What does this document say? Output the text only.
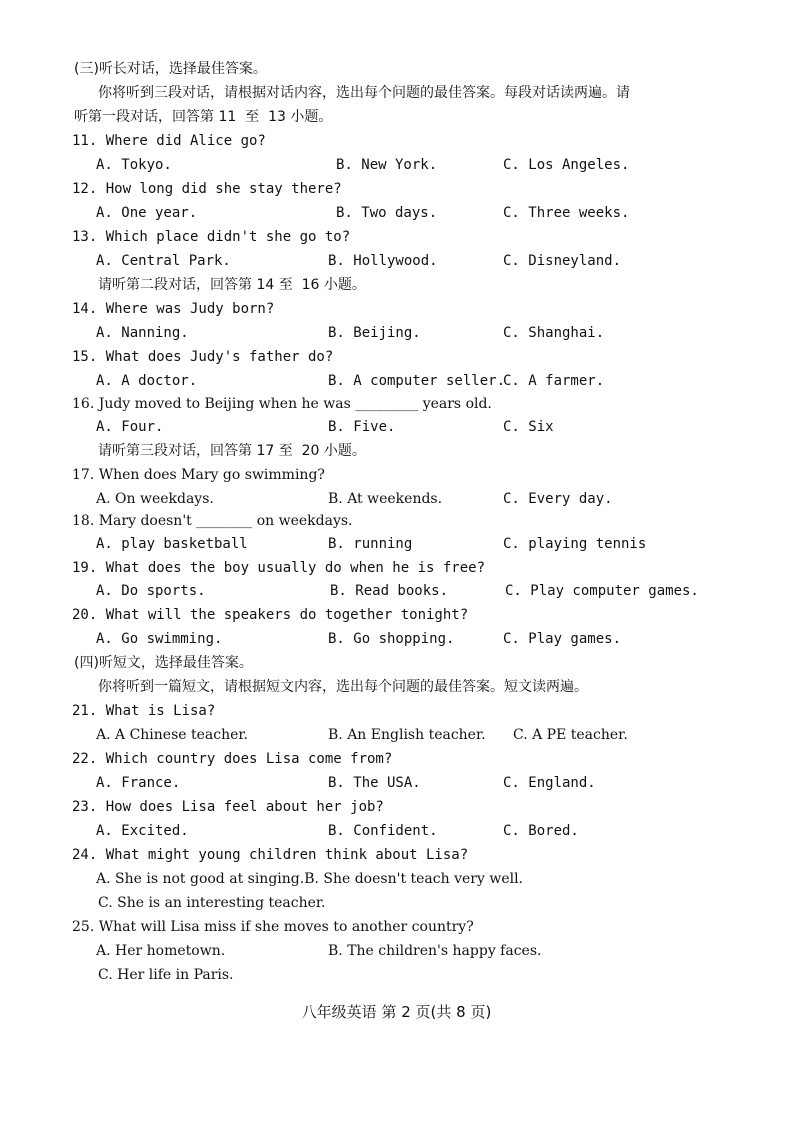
(三)听长对话，选择最佳答案。
你将听到三段对话，请根据对话内容，选出每个问题的最佳答案。每段对话读两遍。请
听第一段对话，回答第 11  至  13 小题。
11. Where did Alice go?
A. Tokyo.	B. New York.	C. Los Angeles.
12. How long did she stay there?
A. One year.	B. Two days.	C. Three weeks.
13. Which place didn't she go to?
A. Central Park.	B. Hollywood.	C. Disneyland.
请听第二段对话，回答第 14 至  16 小题。
14. Where was Judy born?
A. Nanning.	B. Beijing.	C. Shanghai.
15. What does Judy's father do?
A. A doctor.	B. A computer seller.
C. A farmer.
16. Judy moved to Beijing when he was _________ years old.
A. Four.	B. Five.	C. Six
请听第三段对话，回答第 17 至  20 小题。
17. When does Mary go swimming?
A. On weekdays.	B. At weekends.	C. Every day.
18. Mary doesn't ________ on weekdays.
A. play basketball	B. running	C. playing tennis
19. What does the boy usually do when he is free?
A. Do sports.	B. Read books.	C. Play computer games.
20. What will the speakers do together tonight?
A. Go swimming.	B. Go shopping.	C. Play games.
(四)听短文，选择最佳答案。
你将听到一篇短文，请根据短文内容，选出每个问题的最佳答案。短文读两遍。
21. What is Lisa?
A. A Chinese teacher.	B. An English teacher. C. A PE teacher.
22. Which country does Lisa come from?
A. France.	B. The USA.	C. England.
23. How does Lisa feel about her job?
A. Excited.	B. Confident.	C. Bored.
24. What might young children think about Lisa?
A. She is not good at singing.B. She doesn't teach very well.
C. She is an interesting teacher.
25. What will Lisa miss if she moves to another country?
A. Her hometown.	B. The children's happy faces.
C. Her life in Paris.
八年级英语 第 2 页(共 8 页)
